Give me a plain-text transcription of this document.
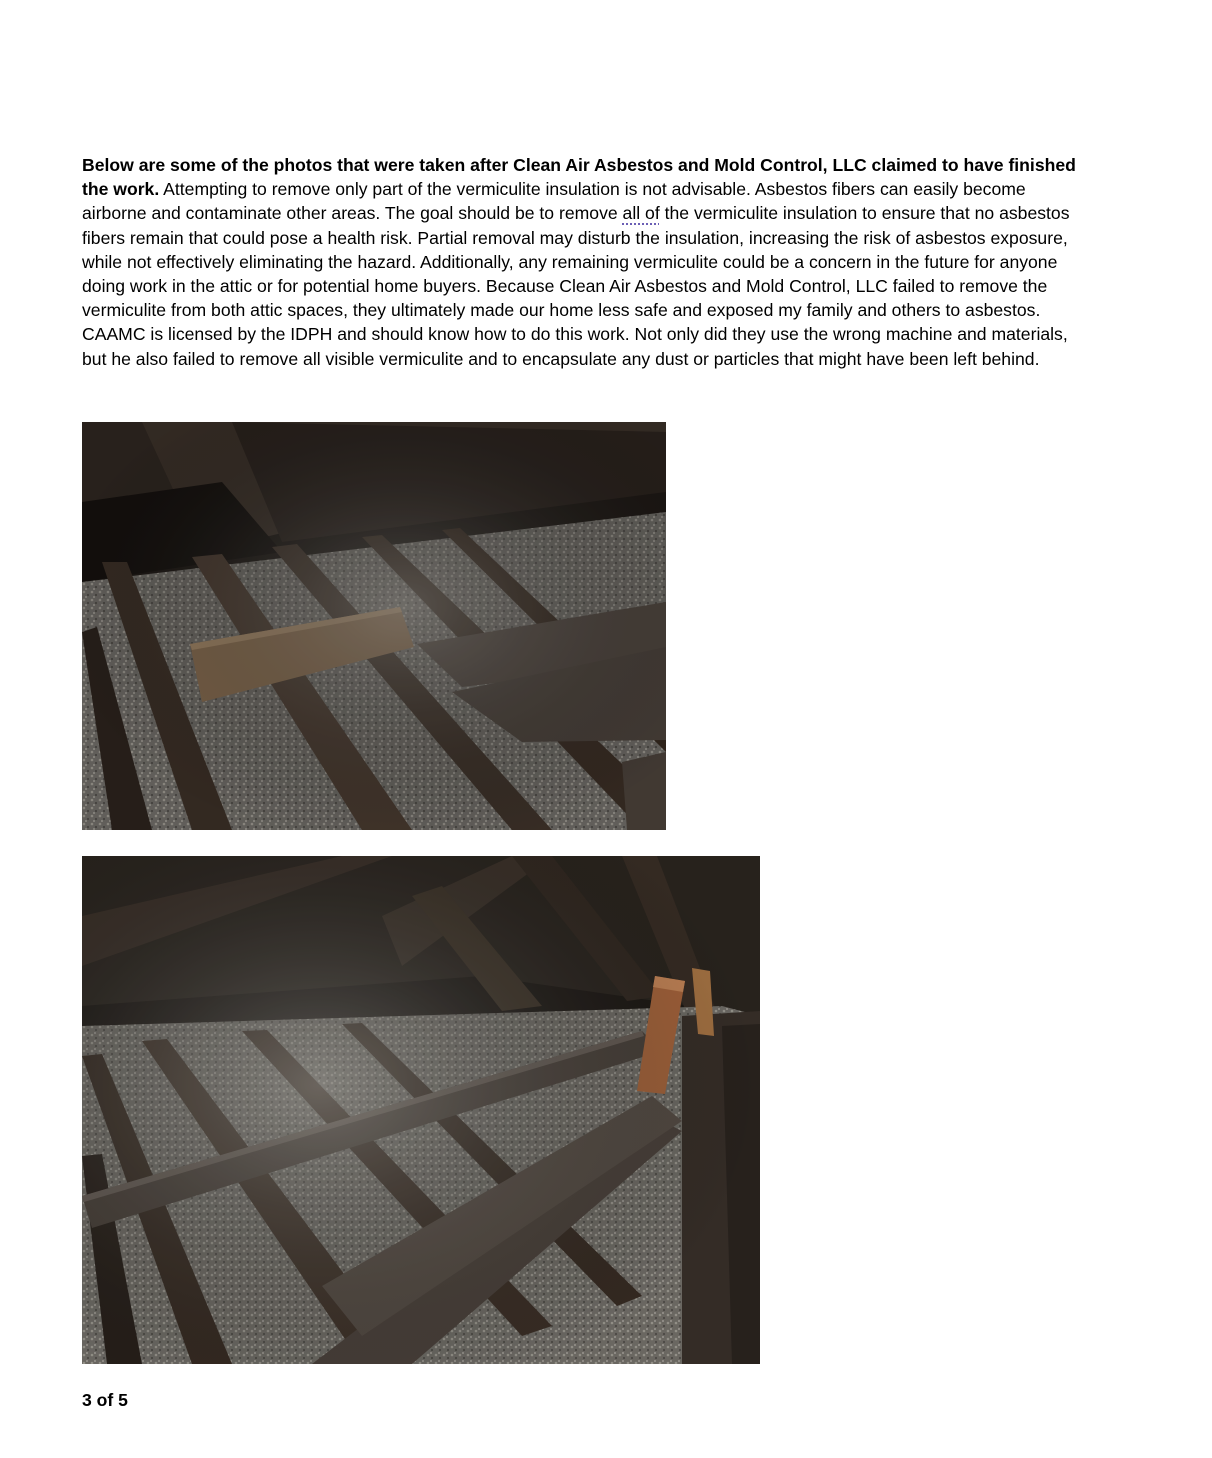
Below are some of the photos that were taken after Clean Air Asbestos and Mold Control, LLC claimed to have finished the work. Attempting to remove only part of the vermiculite insulation is not advisable. Asbestos fibers can easily become airborne and contaminate other areas. The goal should be to remove all of the vermiculite insulation to ensure that no asbestos fibers remain that could pose a health risk. Partial removal may disturb the insulation, increasing the risk of asbestos exposure, while not effectively eliminating the hazard. Additionally, any remaining vermiculite could be a concern in the future for anyone doing work in the attic or for potential home buyers. Because Clean Air Asbestos and Mold Control, LLC failed to remove the vermiculite from both attic spaces, they ultimately made our home less safe and exposed my family and others to asbestos. CAAMC is licensed by the IDPH and should know how to do this work. Not only did they use the wrong machine and materials, but he also failed to remove all visible vermiculite and to encapsulate any dust or particles that might have been left behind.

3 of 5
